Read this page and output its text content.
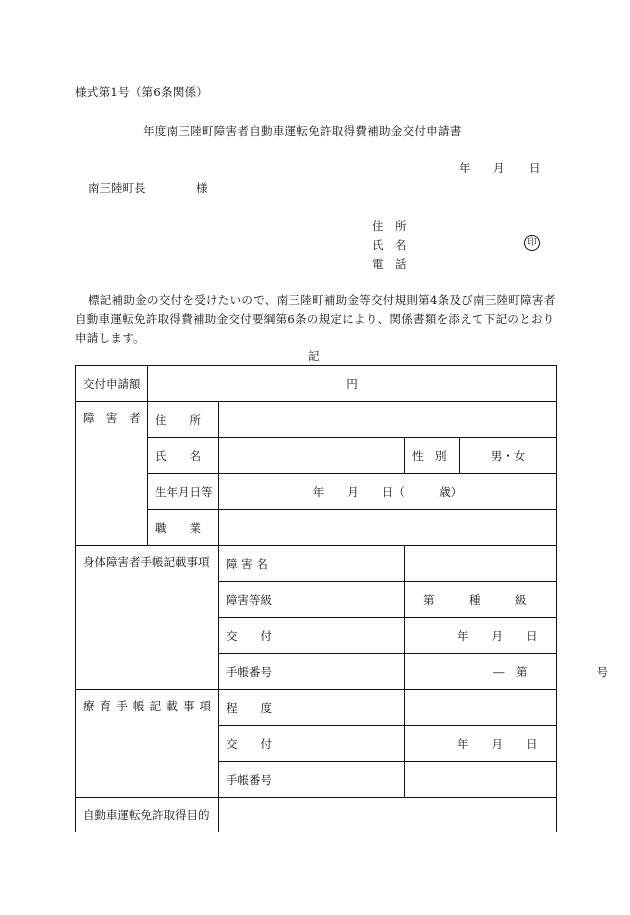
様式第1号（第6条関係）
年度南三陸町障害者自動車運転免許取得費補助金交付申請書
年 月 日
南三陸町長	様
住　所
氏　名	印
電　話
標記補助金の交付を受けたいので、南三陸町補助金等交付規則第4条及び南三陸町障害者
自動車運転免許取得費補助金交付要綱第6条の規定により、関係書類を添えて下記のとおり
申請します。
記
交付申請額	円			
障　害　者	住　　所			
	氏　　名		性　別	男・女
	生年月日等	年　　月　　日（　　　歳）		
	職　　業			
身体障害者手帳記載事項		障 害 名		
		障害等級	第　　　種　　　級	
		交　　付	年　　月　　日	
		手帳番号	―　第　　　　　　号	
療育手帳記載事項		程　　度		
		交　　付	年　　月　　日	
		手帳番号		
自動車運転免許取得目的				
